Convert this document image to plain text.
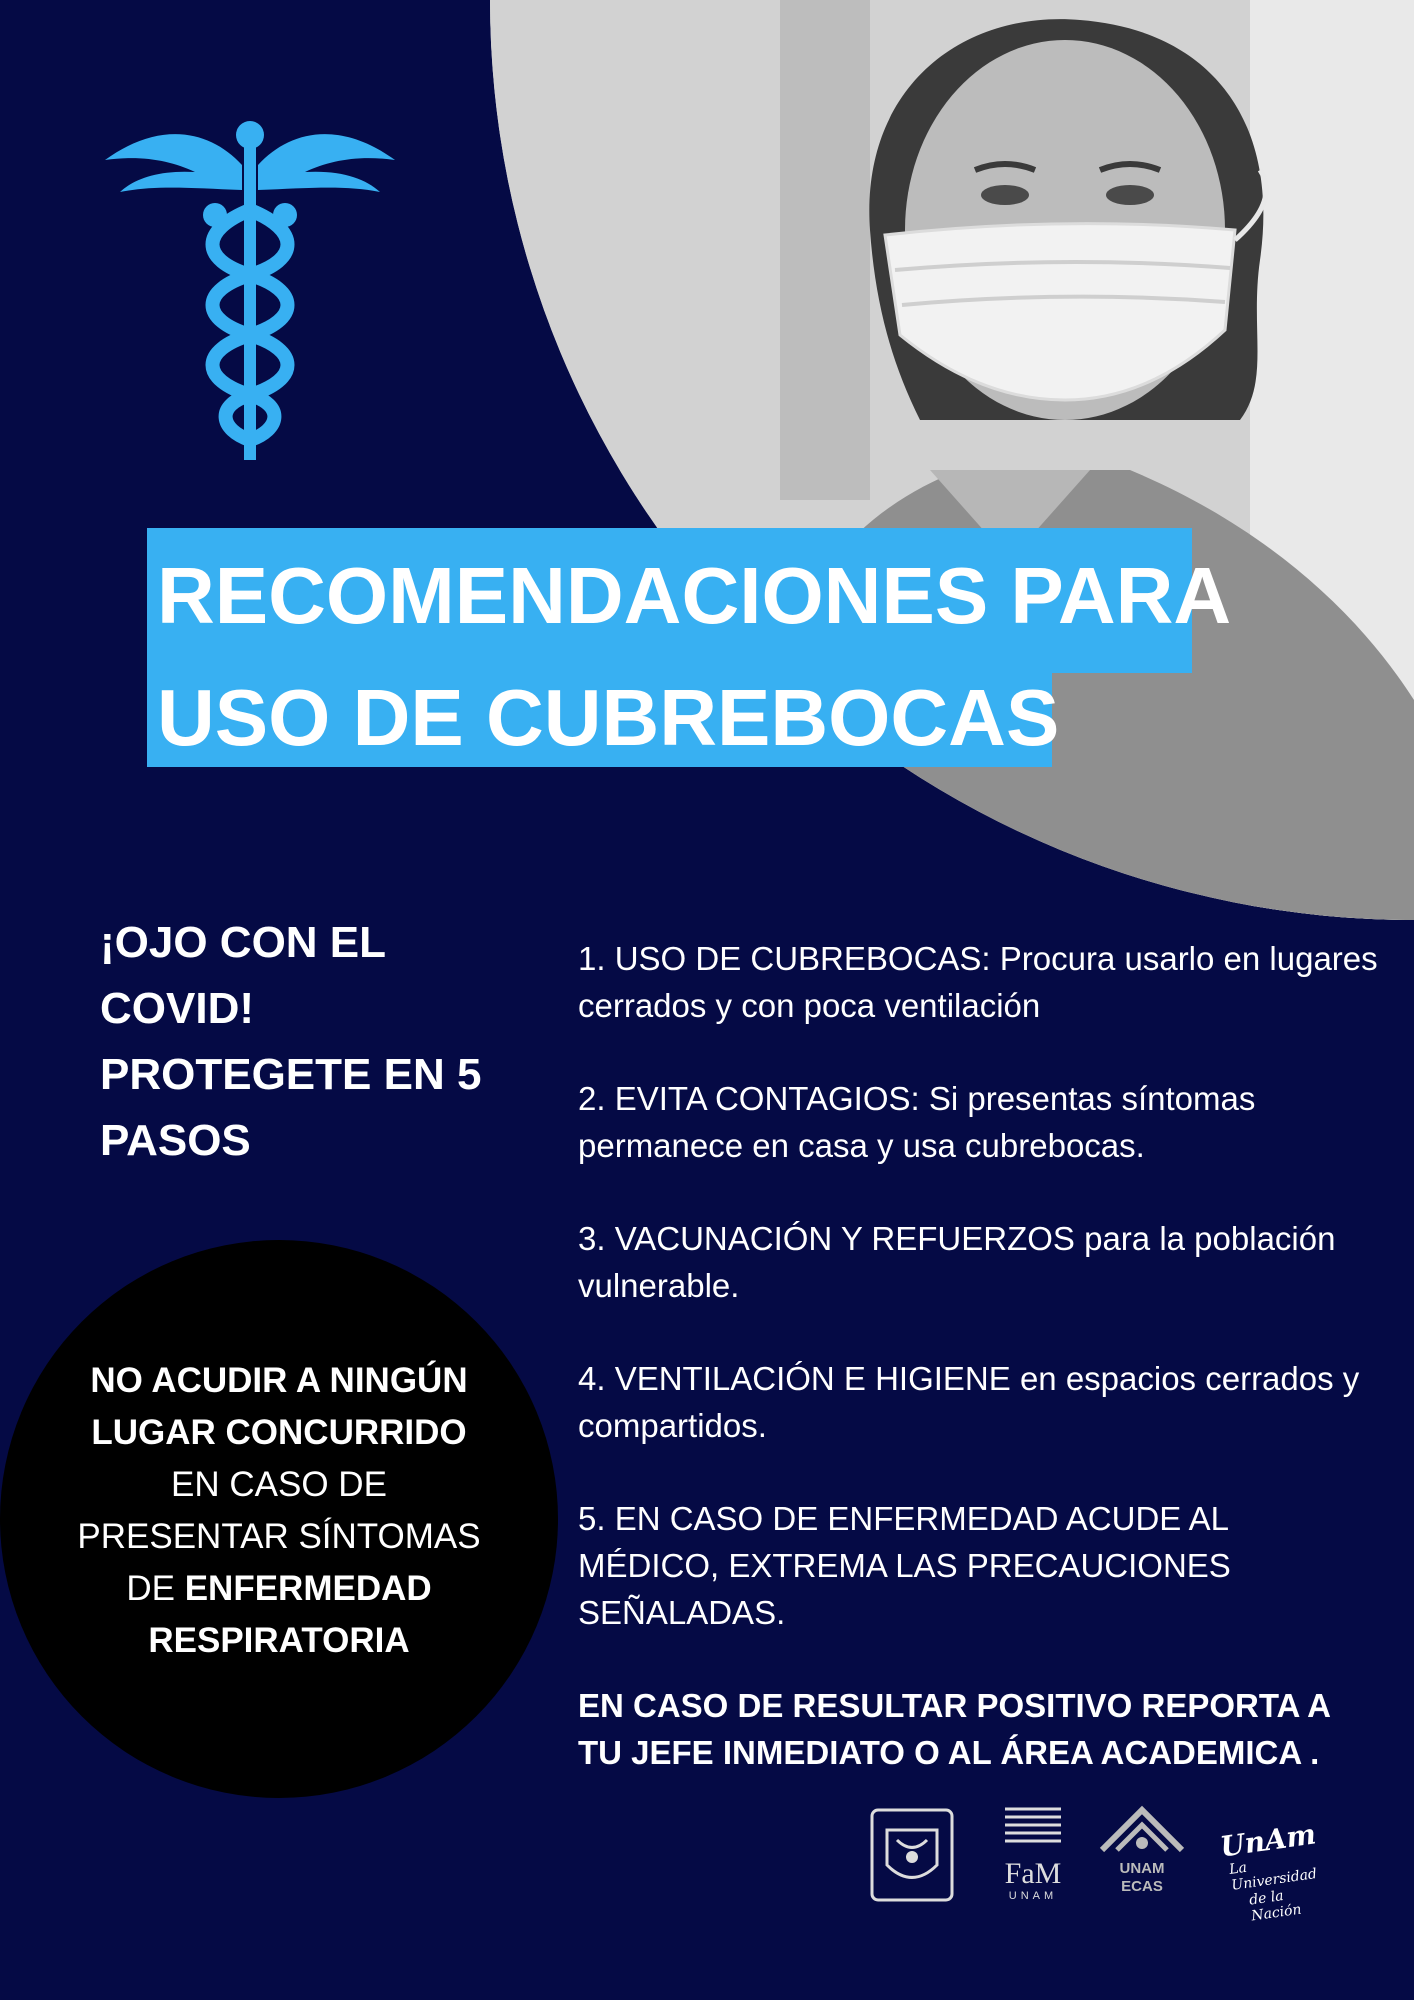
RECOMENDACIONES PARA
USO DE CUBREBOCAS
¡OJO CON EL
COVID!
PROTEGETE EN 5
PASOS
NO ACUDIR A NINGÚN
LUGAR CONCURRIDO
EN CASO DE
PRESENTAR SÍNTOMAS
DE ENFERMEDAD
RESPIRATORIA

1. USO DE CUBREBOCAS: Procura usarlo en lugares cerrados y con poca ventilación

2. EVITA CONTAGIOS: Si presentas síntomas permanece en casa y usa cubrebocas.

3. VACUNACIÓN Y REFUERZOS para la población vulnerable.

4. VENTILACIÓN E HIGIENE en espacios cerrados y compartidos.

5. EN CASO DE ENFERMEDAD ACUDE AL MÉDICO, EXTREMA LAS PRECAUCIONES SEÑALADAS.

EN CASO DE RESULTAR POSITIVO REPORTA A TU JEFE INMEDIATO O AL ÁREA ACADEMICA .

FaM
UNAM
UNAM
ECAS
UnAm
La Universidad
de la Nación
